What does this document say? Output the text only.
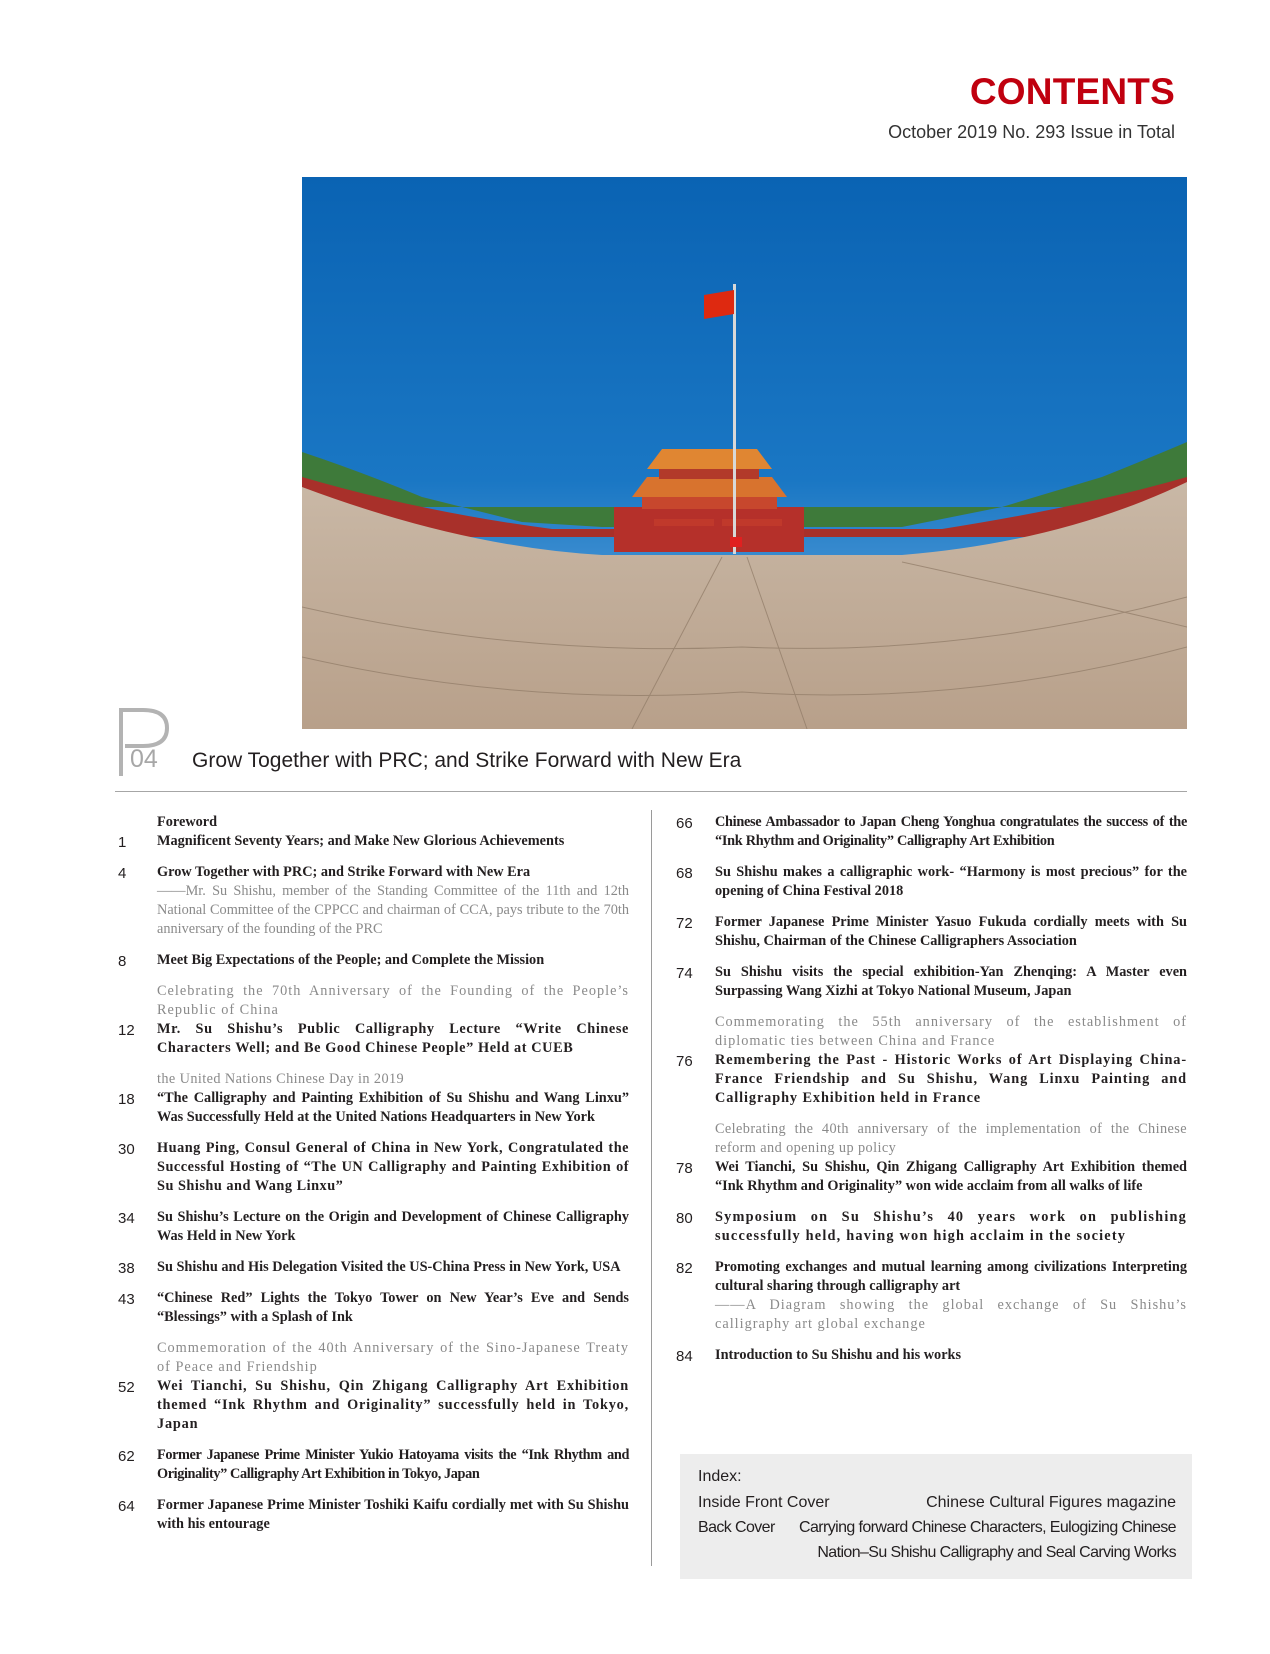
CONTENTS
October 2019 No. 293 Issue in Total
04 Grow Together with PRC; and Strike Forward with New Era
Foreword
1 Magnificent Seventy Years; and Make New Glorious Achievements
4 Grow Together with PRC; and Strike Forward with New Era
——Mr. Su Shishu, member of the Standing Committee of the 11th and 12th National Committee of the CPPCC and chairman of CCA, pays tribute to the 70th anniversary of the founding of the PRC
8 Meet Big Expectations of the People; and Complete the Mission
Celebrating the 70th Anniversary of the Founding of the People’s Republic of China
12 Mr. Su Shishu’s Public Calligraphy Lecture “Write Chinese Characters Well; and Be Good Chinese People” Held at CUEB
the United Nations Chinese Day in 2019
18 “The Calligraphy and Painting Exhibition of Su Shishu and Wang Linxu” Was Successfully Held at the United Nations Headquarters in New York
30 Huang Ping, Consul General of China in New York, Congratulated the Successful Hosting of “The UN Calligraphy and Painting Exhibition of Su Shishu and Wang Linxu”
34 Su Shishu’s Lecture on the Origin and Development of Chinese Calligraphy Was Held in New York
38 Su Shishu and His Delegation Visited the US-China Press in New York, USA
43 “Chinese Red” Lights the Tokyo Tower on New Year’s Eve and Sends “Blessings” with a Splash of Ink
Commemoration of the 40th Anniversary of the Sino-Japanese Treaty of Peace and Friendship
52 Wei Tianchi, Su Shishu, Qin Zhigang Calligraphy Art Exhibition themed “Ink Rhythm and Originality” successfully held in Tokyo, Japan
62 Former Japanese Prime Minister Yukio Hatoyama visits the “Ink Rhythm and Originality” Calligraphy Art Exhibition in Tokyo, Japan
64 Former Japanese Prime Minister Toshiki Kaifu cordially met with Su Shishu with his entourage
66 Chinese Ambassador to Japan Cheng Yonghua congratulates the success of the “Ink Rhythm and Originality” Calligraphy Art Exhibition
68 Su Shishu makes a calligraphic work- “Harmony is most precious” for the opening of China Festival 2018
72 Former Japanese Prime Minister Yasuo Fukuda cordially meets with Su Shishu, Chairman of the Chinese Calligraphers Association
74 Su Shishu visits the special exhibition-Yan Zhenqing: A Master even Surpassing Wang Xizhi at Tokyo National Museum, Japan
Commemorating the 55th anniversary of the establishment of diplomatic ties between China and France
76 Remembering the Past - Historic Works of Art Displaying China-France Friendship and Su Shishu, Wang Linxu Painting and Calligraphy Exhibition held in France
Celebrating the 40th anniversary of the implementation of the Chinese reform and opening up policy
78 Wei Tianchi, Su Shishu, Qin Zhigang Calligraphy Art Exhibition themed “Ink Rhythm and Originality” won wide acclaim from all walks of life
80 Symposium on Su Shishu’s 40 years work on publishing successfully held, having won high acclaim in the society
82 Promoting exchanges and mutual learning among civilizations Interpreting cultural sharing through calligraphy art
——A Diagram showing the global exchange of Su Shishu’s calligraphy art global exchange
84 Introduction to Su Shishu and his works
Index:
Inside Front Cover	Chinese Cultural Figures magazine
Back Cover Carrying forward Chinese Characters, Eulogizing Chinese
Nation–Su Shishu Calligraphy and Seal Carving Works
